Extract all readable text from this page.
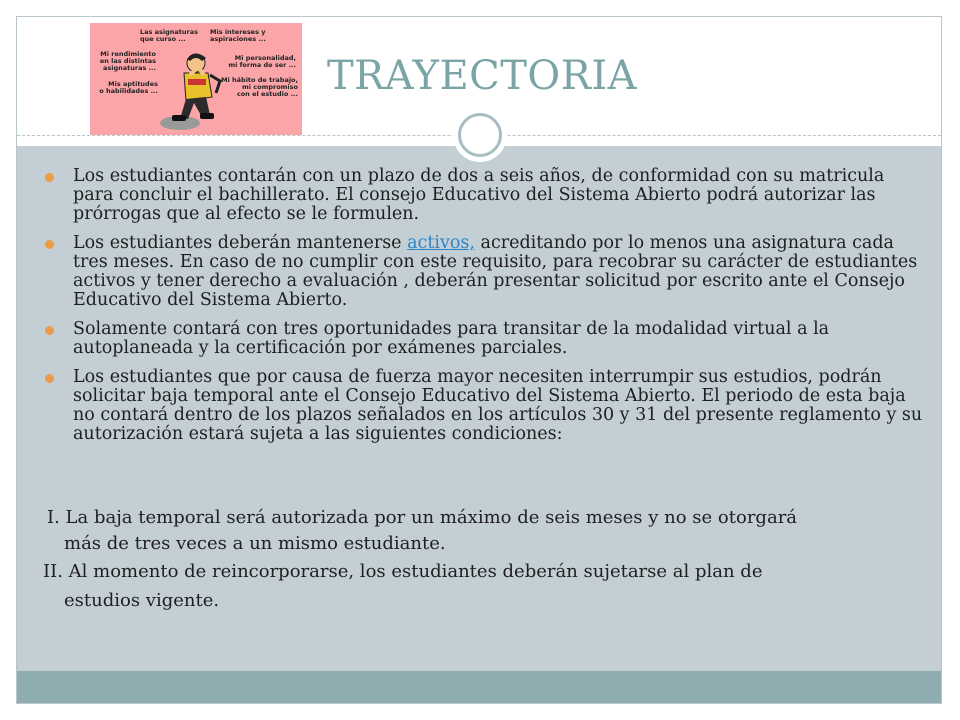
Las asignaturas
que curso ...
Mis intereses y
aspiraciones ...
Mi rendimiento
en las distintas
asignaturas ...
Mi personalidad,
mi forma de ser ...
Mis aptitudes
o habilidades ...
Mi hábito de trabajo,
mi compromiso
con el estudio ... TRAYECTORIA
Los estudiantes contarán con un plazo de dos a seis años, de conformidad con su matricula para concluir el bachillerato. El consejo Educativo del Sistema Abierto podrá autorizar las prórrogas que al efecto se le formulen.
Los estudiantes deberán mantenerse activos, acreditando por lo menos una asignatura cada tres meses. En caso de no cumplir con este requisito, para recobrar su carácter de estudiantes activos y tener derecho a evaluación , deberán presentar solicitud por escrito ante el Consejo Educativo del Sistema Abierto.
Solamente contará con tres oportunidades para transitar de la modalidad virtual a la autoplaneada y la certificación por exámenes parciales.
Los estudiantes que por causa de fuerza mayor necesiten interrumpir sus estudios, podrán solicitar baja temporal ante el Consejo Educativo del Sistema Abierto. El periodo de esta baja no contará dentro de los plazos señalados en los artículos 30 y 31 del presente reglamento y su autorización estará sujeta a las siguientes condiciones:
I. La baja temporal será autorizada por un máximo de seis meses y no se otorgará
más de tres veces a un mismo estudiante.
II. Al momento de reincorporarse, los estudiantes deberán sujetarse al plan de
estudios vigente.
